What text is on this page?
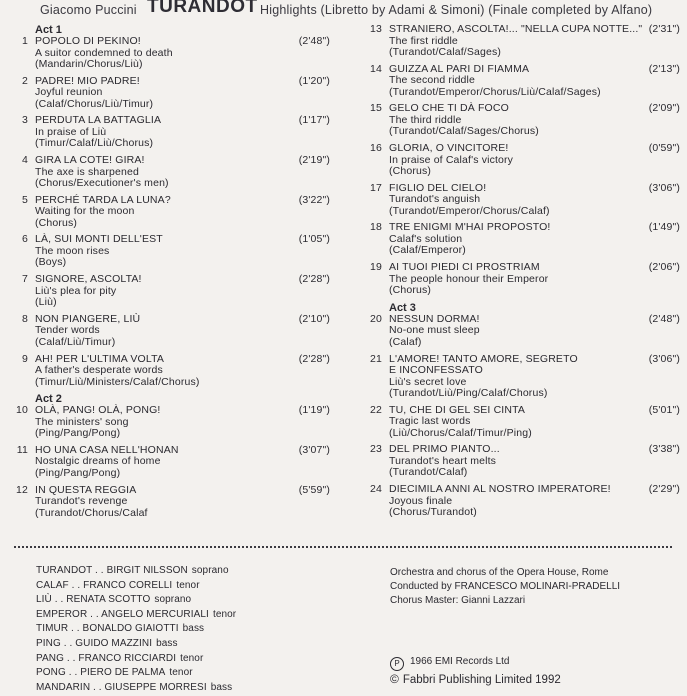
Giacomo Puccini TURANDOT Highlights (Libretto by Adami & Simoni) (Finale completed by Alfano)
Act 1
1 POPOLO DI PEKINO!
A suitor condemned to death
(Mandarin/Chorus/Liù)
(2'48")
2 PADRE! MIO PADRE!
Joyful reunion
(Calaf/Chorus/Liù/Timur)
(1'20")
3 PERDUTA LA BATTAGLIA
In praise of Liù
(Timur/Calaf/Liù/Chorus)
(1'17")
4 GIRA LA COTE! GIRA!
The axe is sharpened
(Chorus/Executioner's men)
(2'19")
5 PERCHÉ TARDA LA LUNA?
Waiting for the moon
(Chorus)
(3'22")
6 LÀ, SUI MONTI DELL'EST
The moon rises
(Boys)
(1'05")
7 SIGNORE, ASCOLTA!
Liù's plea for pity
(Liù)
(2'28")
8 NON PIANGERE, LIÙ
Tender words
(Calaf/Liù/Timur)
(2'10")
9 AH! PER L'ULTIMA VOLTA
A father's desperate words
(Timur/Liù/Ministers/Calaf/Chorus)
(2'28")
Act 2
10 OLÀ, PANG! OLÀ, PONG!
The ministers' song
(Ping/Pang/Pong)
(1'19")
11 HO UNA CASA NELL'HONAN
Nostalgic dreams of home
(Ping/Pang/Pong)
(3'07")
12 IN QUESTA REGGIA
Turandot's revenge
(Turandot/Chorus/Calaf
(5'59")
13 STRANIERO, ASCOLTA!... "NELLA CUPA NOTTE..."
The first riddle
(Turandot/Calaf/Sages)
(2'31")
14 GUIZZA AL PARI DI FIAMMA
The second riddle
(Turandot/Emperor/Chorus/Liù/Calaf/Sages)
(2'13")
15 GELO CHE TI DÀ FOCO
The third riddle
(Turandot/Calaf/Sages/Chorus)
(2'09")
16 GLORIA, O VINCITORE!
In praise of Calaf's victory
(Chorus)
(0'59")
17 FIGLIO DEL CIELO!
Turandot's anguish
(Turandot/Emperor/Chorus/Calaf)
(3'06")
18 TRE ENIGMI M'HAI PROPOSTO!
Calaf's solution
(Calaf/Emperor)
(1'49")
19 AI TUOI PIEDI CI PROSTRIAM
The people honour their Emperor
(Chorus)
(2'06")
Act 3
20 NESSUN DORMA!
No-one must sleep
(Calaf)
(2'48")
21 L'AMORE! TANTO AMORE, SEGRETO
E INCONFESSATO
Liù's secret love
(Turandot/Liù/Ping/Calaf/Chorus)
(3'06")
22 TU, CHE DI GEL SEI CINTA
Tragic last words
(Liù/Chorus/Calaf/Timur/Ping)
(5'01")
23 DEL PRIMO PIANTO...
Turandot's heart melts
(Turandot/Calaf)
(3'38")
24 DIECIMILA ANNI AL NOSTRO IMPERATORE!
Joyous finale
(Chorus/Turandot)
(2'29")
TURANDOT . . BIRGIT NILSSON soprano
CALAF . . FRANCO CORELLI tenor
LIÙ . . RENATA SCOTTO soprano
EMPEROR . . ANGELO MERCURIALI tenor
TIMUR . . BONALDO GIAIOTTI bass
PING . . GUIDO MAZZINI bass
PANG . . FRANCO RICCIARDI tenor
PONG . . PIERO DE PALMA tenor
MANDARIN . . GIUSEPPE MORRESI bass
Orchestra and chorus of the Opera House, Rome
Conducted by FRANCESCO MOLINARI-PRADELLI
Chorus Master: Gianni Lazzari
P 1966 EMI Records Ltd
© Fabbri Publishing Limited 1992
